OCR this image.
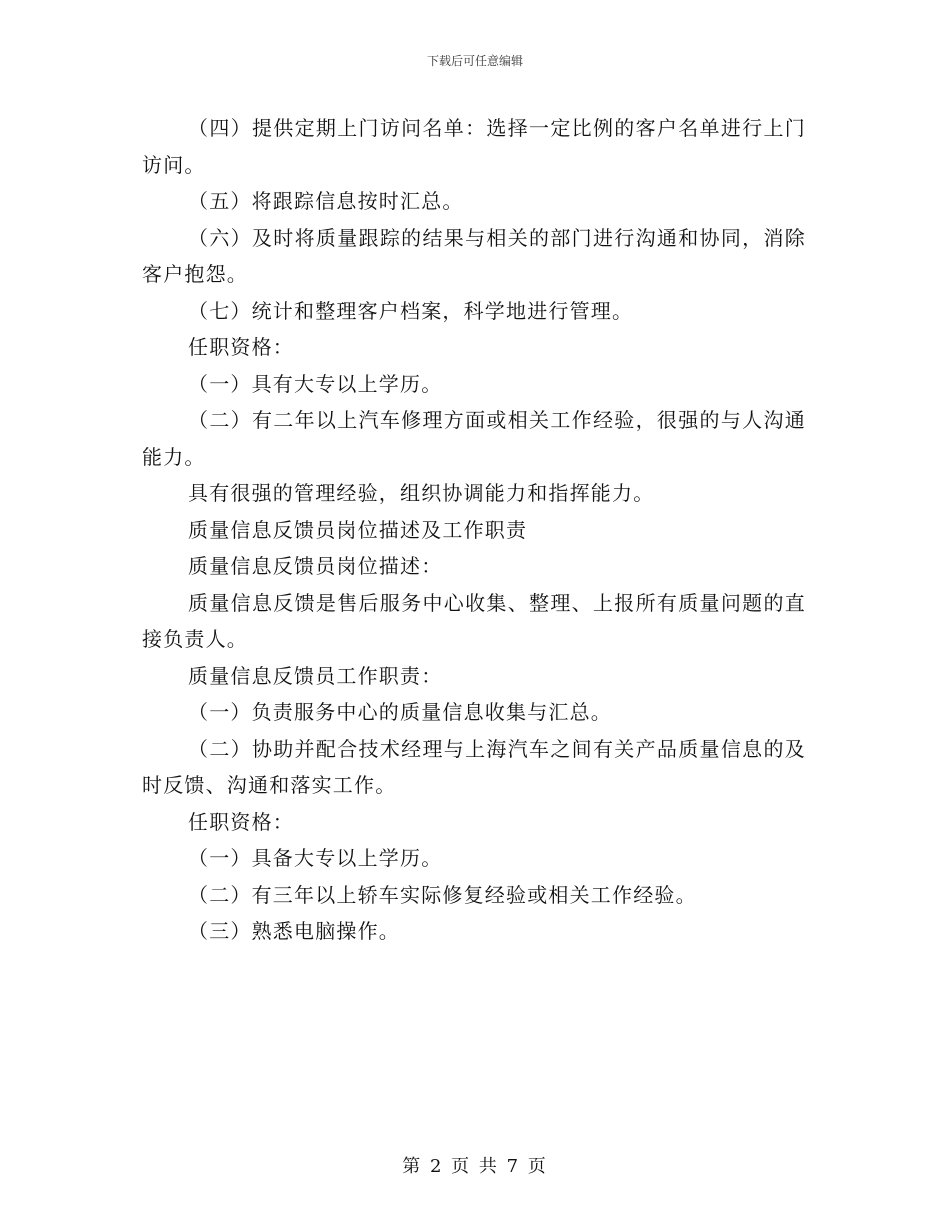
下载后可任意编辑

（四）提供定期上门访问名单：选择一定比例的客户名单进行上门访问。

（五）将跟踪信息按时汇总。

（六）及时将质量跟踪的结果与相关的部门进行沟通和协同，消除客户抱怨。

（七）统计和整理客户档案，科学地进行管理。

任职资格：

（一）具有大专以上学历。

（二）有二年以上汽车修理方面或相关工作经验，很强的与人沟通能力。

具有很强的管理经验，组织协调能力和指挥能力。

质量信息反馈员岗位描述及工作职责

质量信息反馈员岗位描述：

质量信息反馈是售后服务中心收集、整理、上报所有质量问题的直接负责人。

质量信息反馈员工作职责：

（一）负责服务中心的质量信息收集与汇总。

（二）协助并配合技术经理与上海汽车之间有关产品质量信息的及时反馈、沟通和落实工作。

任职资格：

（一）具备大专以上学历。

（二）有三年以上轿车实际修复经验或相关工作经验。

（三）熟悉电脑操作。

第 2 页 共 7 页
